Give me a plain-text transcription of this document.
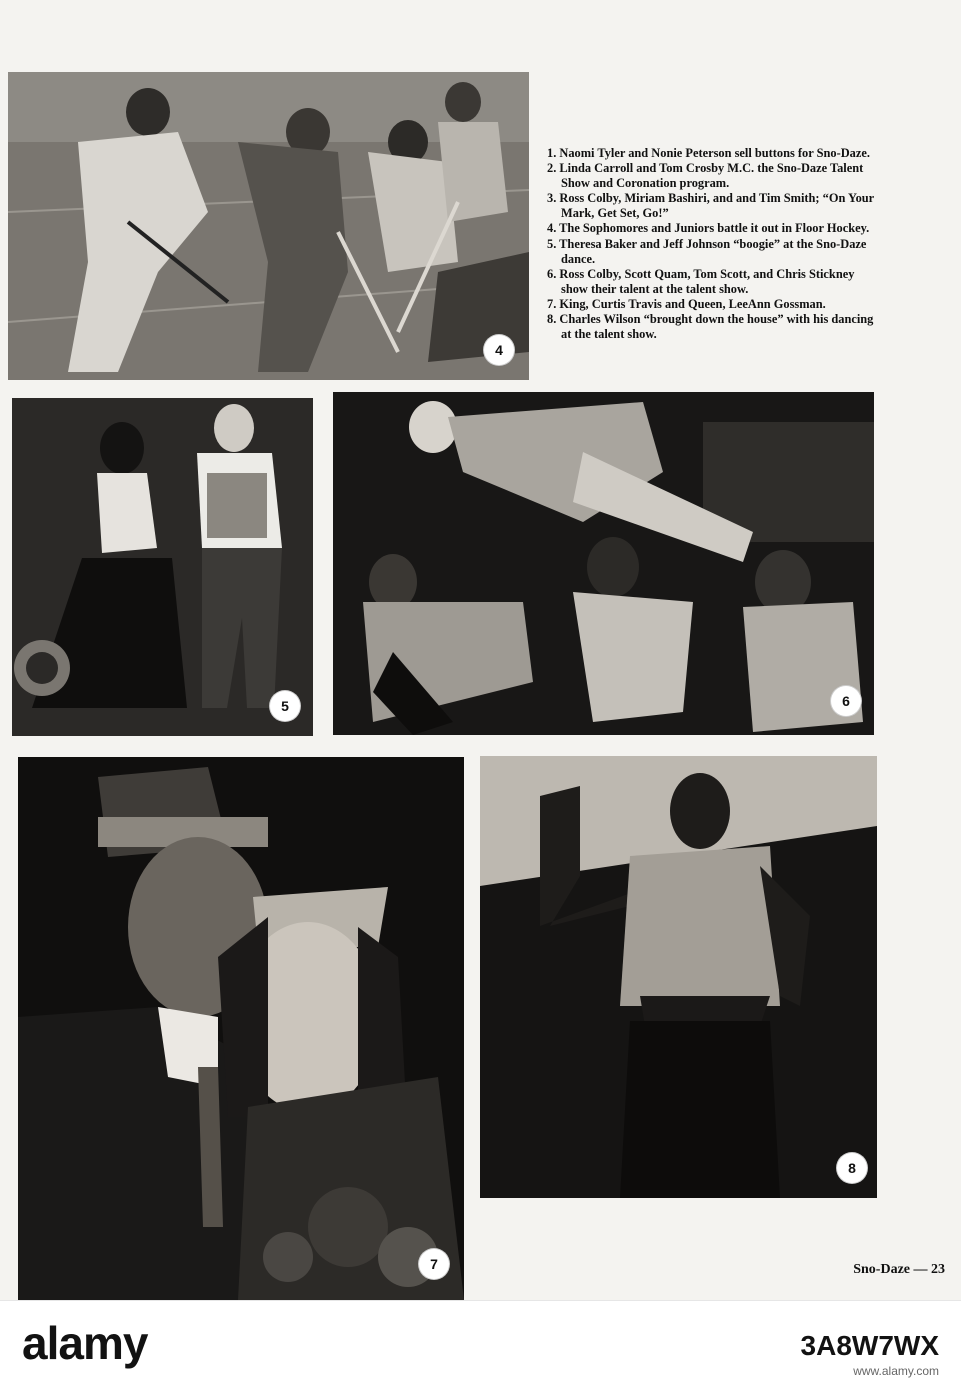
4
1. Naomi Tyler and Nonie Peterson sell buttons for Sno-Daze.
2. Linda Carroll and Tom Crosby M.C. the Sno-Daze Talent Show and Coronation program.
3. Ross Colby, Miriam Bashiri, and and Tim Smith; “On Your Mark, Get Set, Go!”
4. The Sophomores and Juniors battle it out in Floor Hockey.
5. Theresa Baker and Jeff Johnson “boogie” at the Sno-Daze dance.
6. Ross Colby, Scott Quam, Tom Scott, and Chris Stickney show their talent at the talent show.
7. King, Curtis Travis and Queen, LeeAnn Gossman.
8. Charles Wilson “brought down the house” with his dancing at the talent show.
5	6
7
8
Sno-Daze — 23
alamy	3A8W7WX
www.alamy.com
